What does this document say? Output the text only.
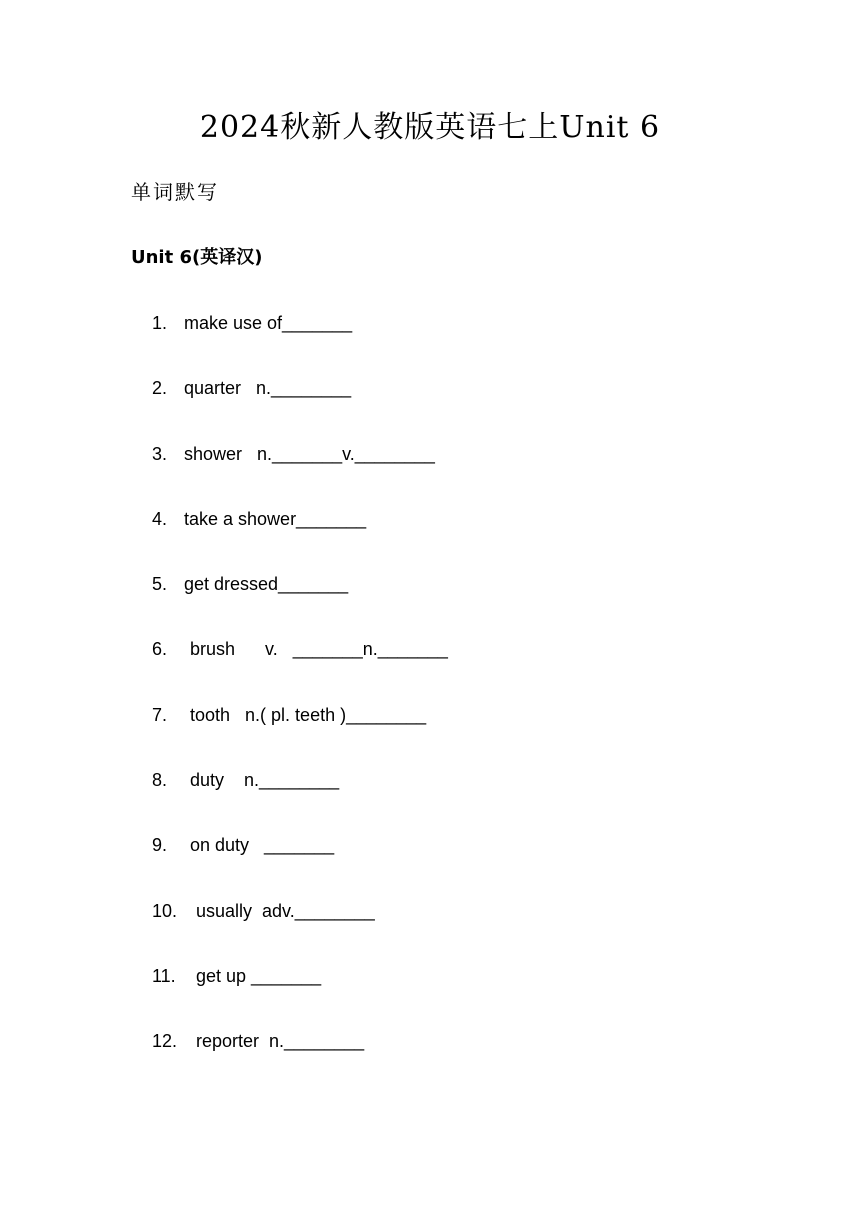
2024秋新人教版英语七上Unit 6
单词默写
Unit 6(英译汉)

1.

make use of_______

2.

quarter   n.________

3.

shower   n._______v.________

4.

take a shower_______

5.

get dressed_______

6.

brush      v.   _______n._______

7.

tooth   n.( pl. teeth )________

8.

duty    n.________

9.

on duty   _______

10.

usually  adv.________

11.

get up _______

12.

reporter  n.________
